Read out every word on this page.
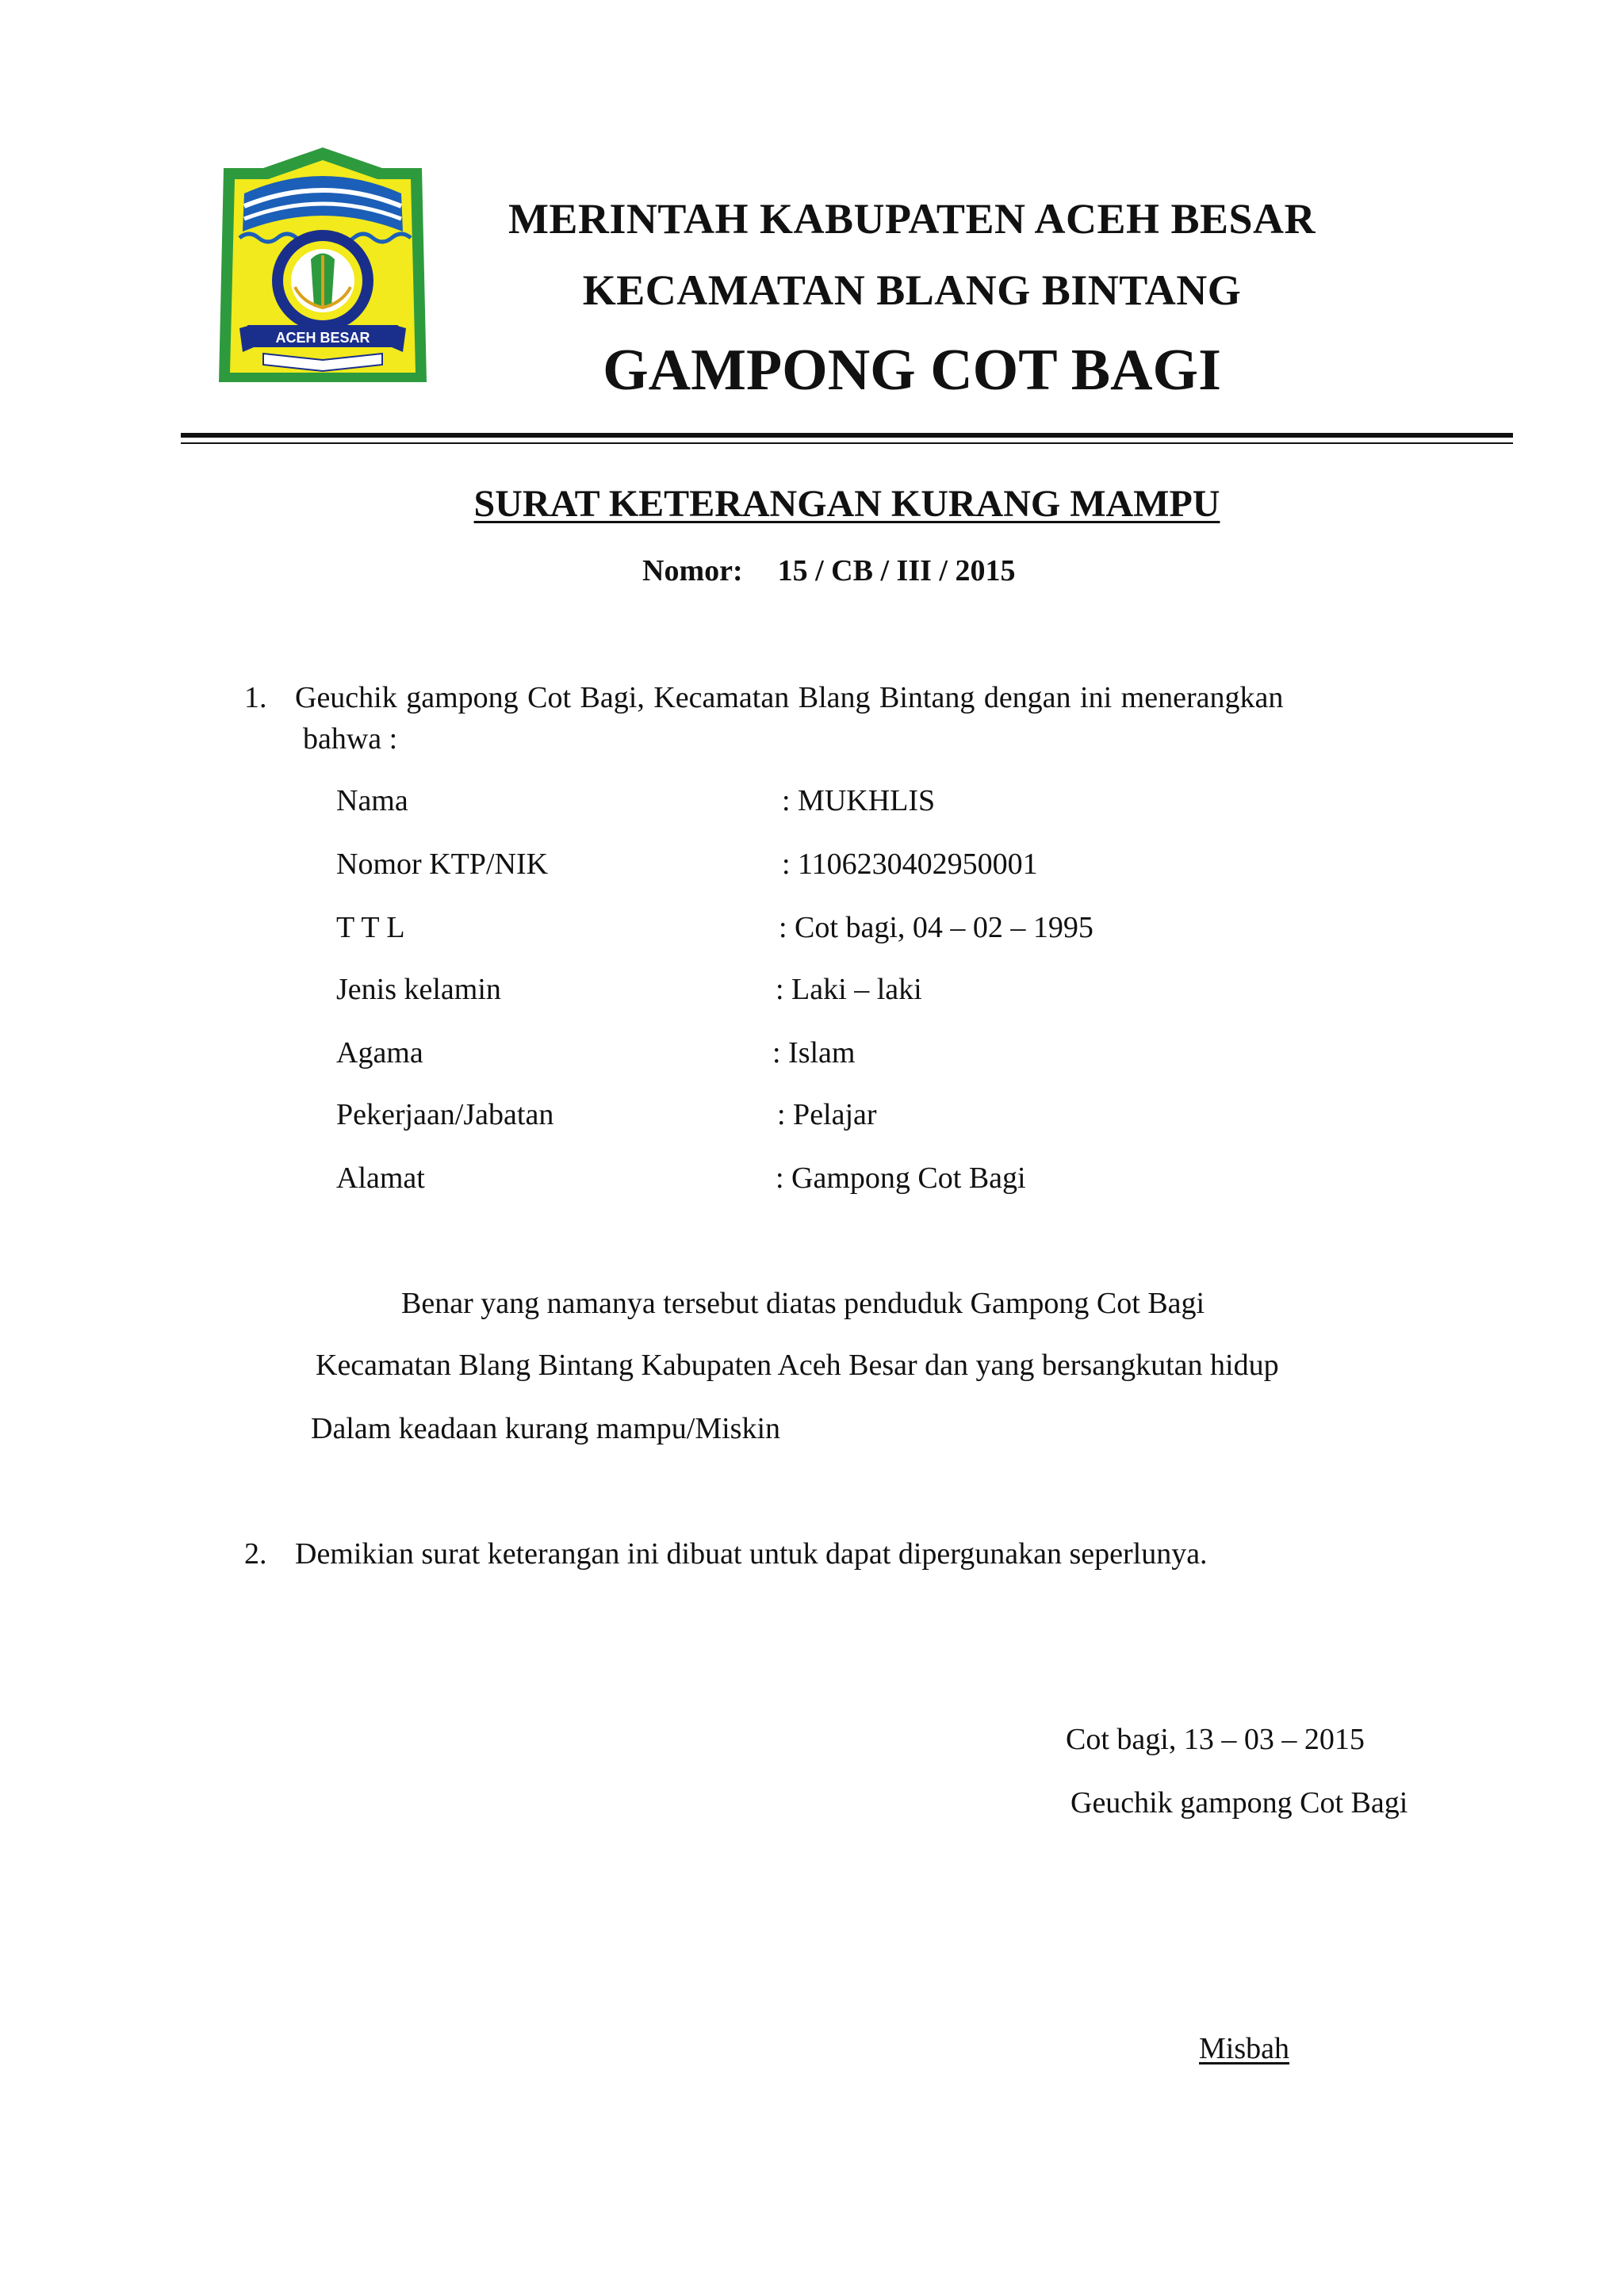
ACEH BESAR
MERINTAH KABUPATEN ACEH BESAR
KECAMATAN BLANG BINTANG
GAMPONG COT BAGI
SURAT KETERANGAN KURANG MAMPU
Nomor: 15 / CB / III / 2015
1. Geuchik gampong Cot Bagi, Kecamatan Blang Bintang dengan ini menerangkan
bahwa :
Nama	: MUKHLIS
Nomor KTP/NIK	: 1106230402950001
T T L	: Cot bagi, 04 – 02 – 1995
Jenis kelamin	: Laki – laki
Agama	: Islam
Pekerjaan/Jabatan	: Pelajar
Alamat	: Gampong Cot Bagi
Benar yang namanya tersebut diatas penduduk Gampong Cot Bagi
Kecamatan Blang Bintang Kabupaten Aceh Besar dan yang bersangkutan hidup
Dalam keadaan kurang mampu/Miskin
2. Demikian surat keterangan ini dibuat untuk dapat dipergunakan seperlunya.
Cot bagi, 13 – 03 – 2015
Geuchik gampong Cot Bagi
Misbah
